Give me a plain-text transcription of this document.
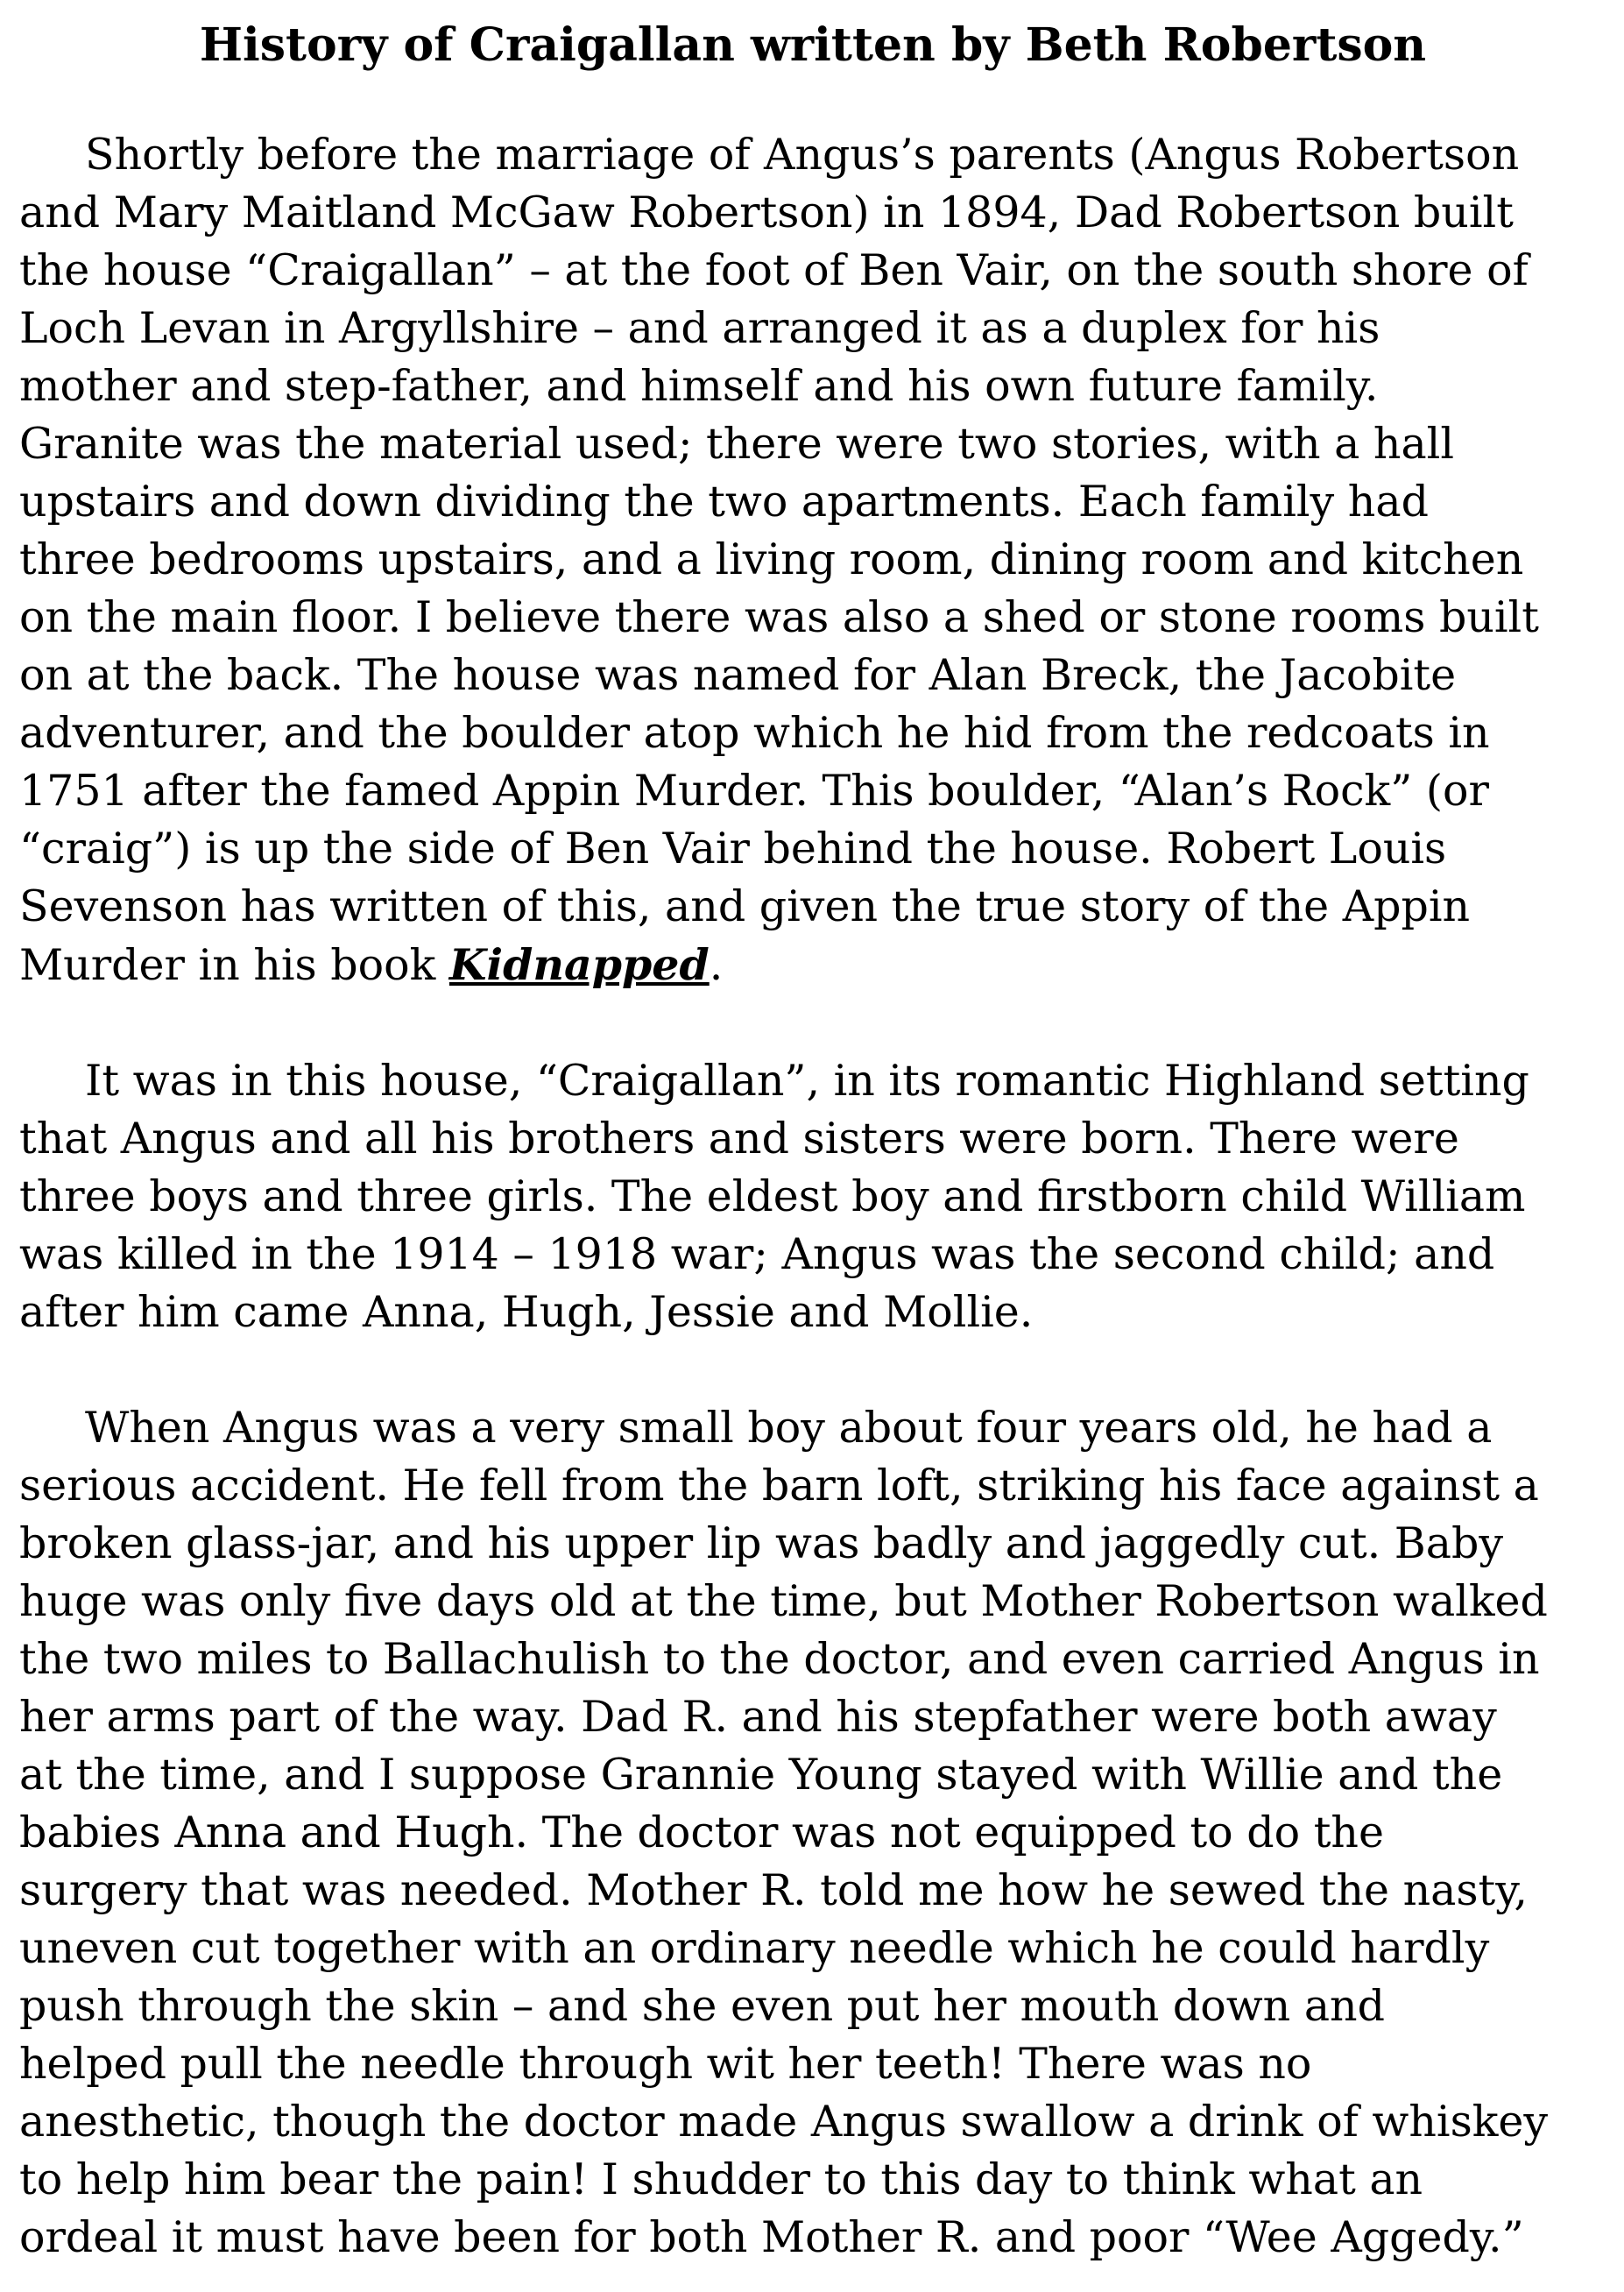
History of Craigallan written by Beth Robertson
Shortly before the marriage of Angus’s parents (Angus Robertson
and Mary Maitland McGaw Robertson) in 1894, Dad Robertson built
the house “Craigallan” – at the foot of Ben Vair, on the south shore of
Loch Levan in Argyllshire – and arranged it as a duplex for his
mother and step-father, and himself and his own future family.
Granite was the material used; there were two stories, with a hall
upstairs and down dividing the two apartments. Each family had
three bedrooms upstairs, and a living room, dining room and kitchen
on the main floor. I believe there was also a shed or stone rooms built
on at the back. The house was named for Alan Breck, the Jacobite
adventurer, and the boulder atop which he hid from the redcoats in
1751 after the famed Appin Murder. This boulder, “Alan’s Rock” (or
“craig”) is up the side of Ben Vair behind the house. Robert Louis
Sevenson has written of this, and given the true story of the Appin
Murder in his book Kidnapped.
It was in this house, “Craigallan”, in its romantic Highland setting
that Angus and all his brothers and sisters were born. There were
three boys and three girls. The eldest boy and firstborn child William
was killed in the 1914 – 1918 war; Angus was the second child; and
after him came Anna, Hugh, Jessie and Mollie.
When Angus was a very small boy about four years old, he had a
serious accident. He fell from the barn loft, striking his face against a
broken glass-jar, and his upper lip was badly and jaggedly cut. Baby
huge was only five days old at the time, but Mother Robertson walked
the two miles to Ballachulish to the doctor, and even carried Angus in
her arms part of the way. Dad R. and his stepfather were both away
at the time, and I suppose Grannie Young stayed with Willie and the
babies Anna and Hugh. The doctor was not equipped to do the
surgery that was needed. Mother R. told me how he sewed the nasty,
uneven cut together with an ordinary needle which he could hardly
push through the skin – and she even put her mouth down and
helped pull the needle through wit her teeth! There was no
anesthetic, though the doctor made Angus swallow a drink of whiskey
to help him bear the pain! I shudder to this day to think what an
ordeal it must have been for both Mother R. and poor “Wee Aggedy.”
